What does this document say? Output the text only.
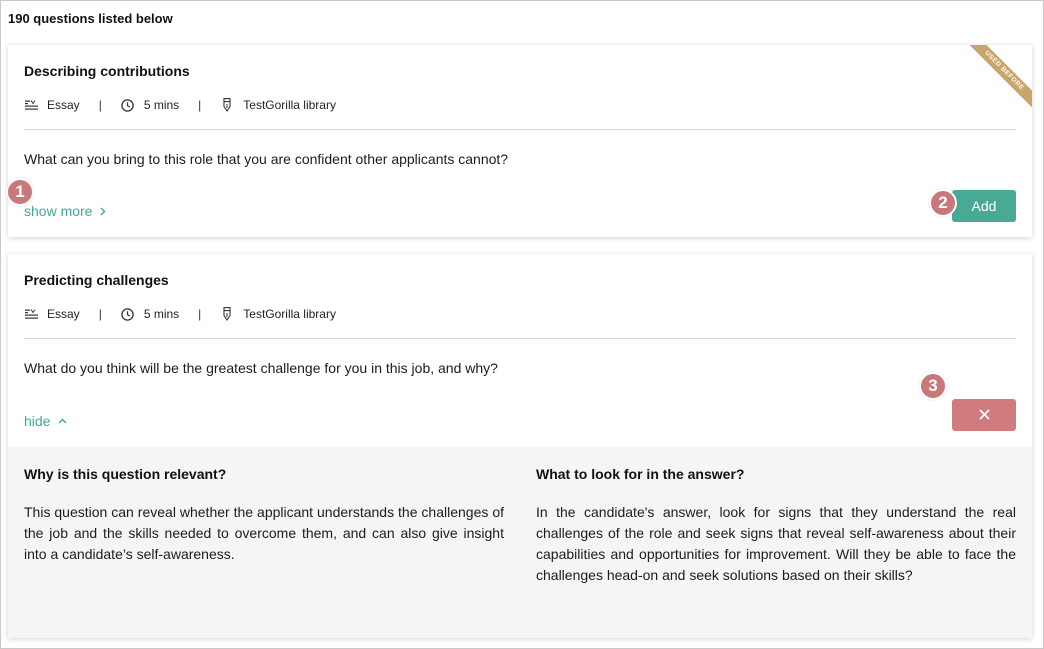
190 questions listed below
Describing contributions
Essay |	5 mins |	TestGorilla library
What can you bring to this role that you are confident other applicants cannot?
show more	Add
USED BEFORE
Predicting challenges
Essay |	5 mins |	TestGorilla library
What do you think will be the greatest challenge for you in this job, and why?
hide
Why is this question relevant?
This question can reveal whether the applicant understands the challenges of the job and the skills needed to overcome them, and can also give insight into a candidate’s self-awareness.
What to look for in the answer?
In the candidate's answer, look for signs that they understand the real challenges of the role and seek signs that reveal self-awareness about their capabilities and opportunities for improvement. Will they be able to face the challenges head-on and seek solutions based on their skills?
1
2
3
